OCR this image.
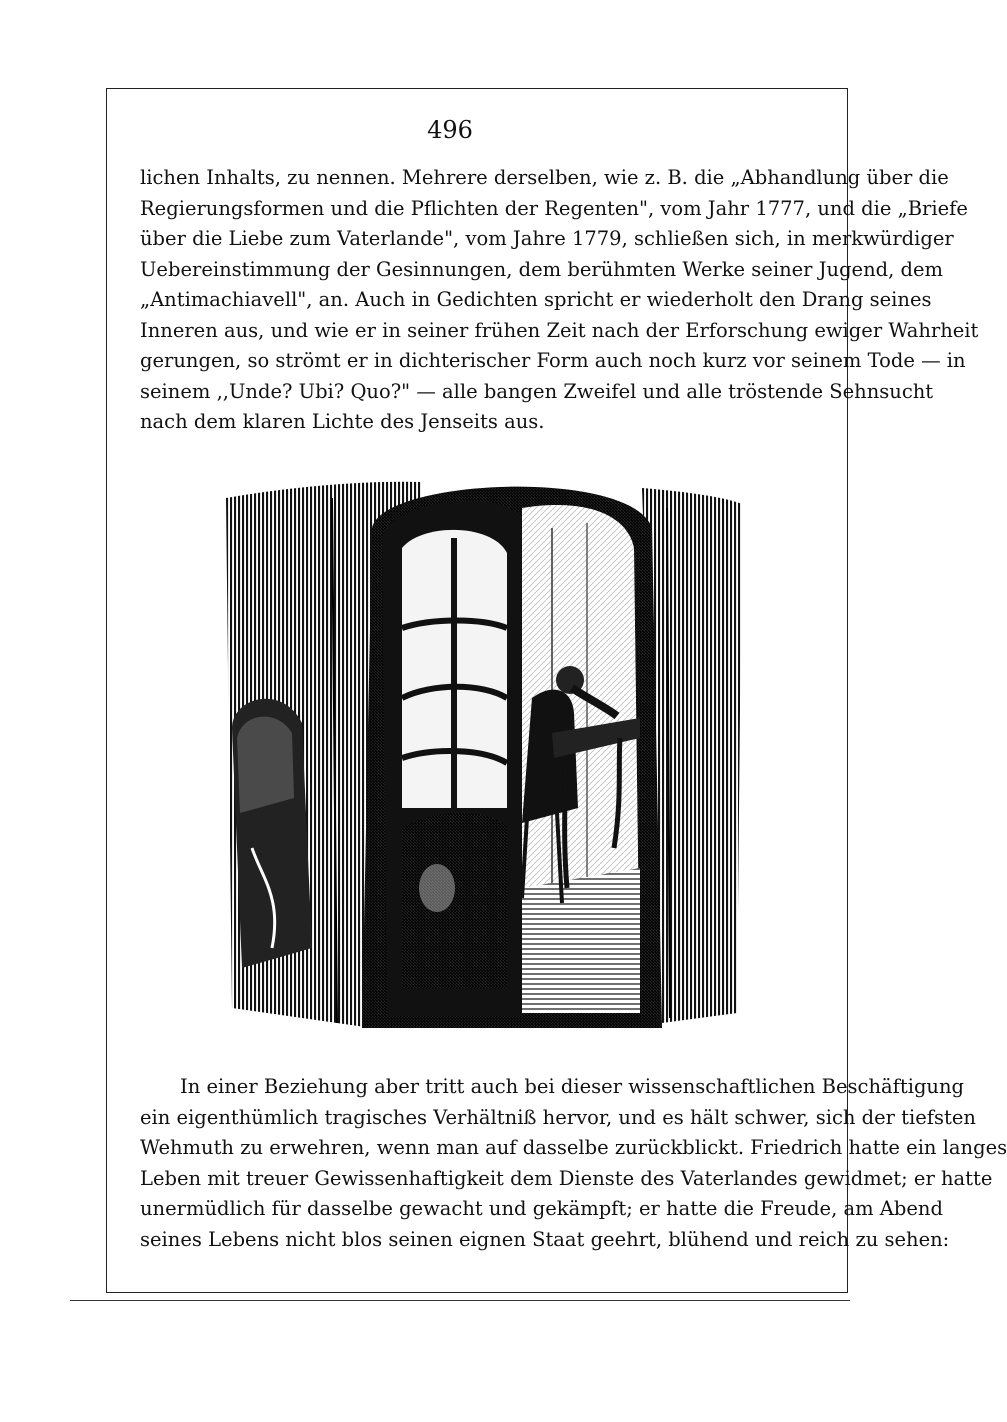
496
lichen Inhalts, zu nennen. Mehrere derselben, wie z. B. die „Abhandlung über die
Regierungsformen und die Pflichten der Regenten", vom Jahr 1777, und die „Briefe
über die Liebe zum Vaterlande", vom Jahre 1779, schließen sich, in merkwürdiger
Uebereinstimmung der Gesinnungen, dem berühmten Werke seiner Jugend, dem
„Antimachiavell", an. Auch in Gedichten spricht er wiederholt den Drang seines
Inneren aus, und wie er in seiner frühen Zeit nach der Erforschung ewiger Wahrheit
gerungen, so strömt er in dichterischer Form auch noch kurz vor seinem Tode — in
seinem ,,Unde? Ubi? Quo?" — alle bangen Zweifel und alle tröstende Sehnsucht
nach dem klaren Lichte des Jenseits aus.
In einer Beziehung aber tritt auch bei dieser wissenschaftlichen Beschäftigung
ein eigenthümlich tragisches Verhältniß hervor, und es hält schwer, sich der tiefsten
Wehmuth zu erwehren, wenn man auf dasselbe zurückblickt. Friedrich hatte ein langes
Leben mit treuer Gewissenhaftigkeit dem Dienste des Vaterlandes gewidmet; er hatte
unermüdlich für dasselbe gewacht und gekämpft; er hatte die Freude, am Abend
seines Lebens nicht blos seinen eignen Staat geehrt, blühend und reich zu sehen:
